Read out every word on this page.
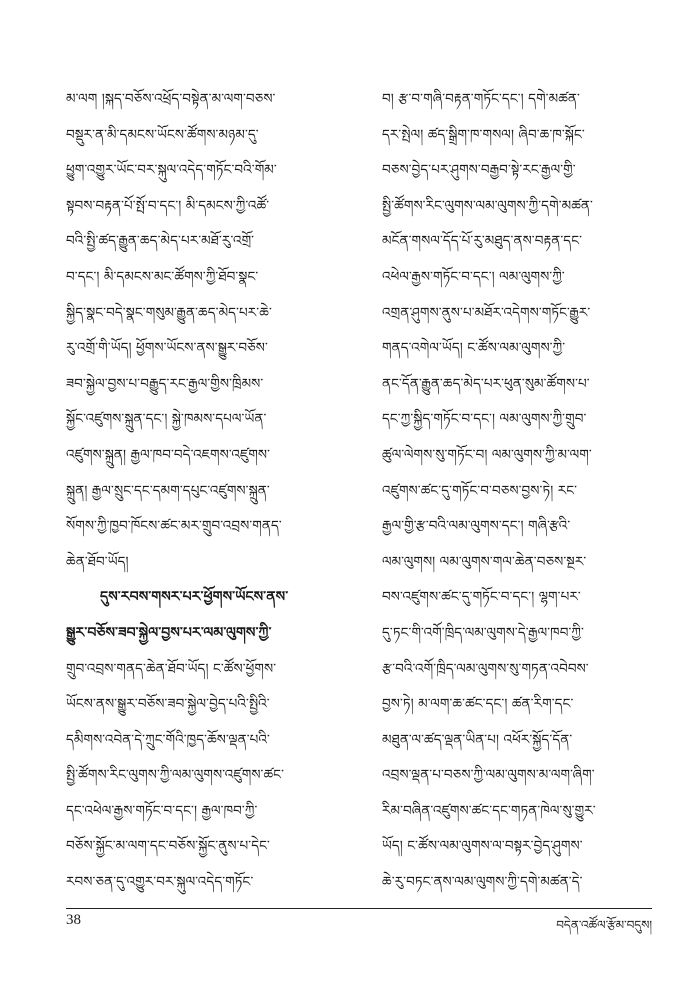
མ་ལག །སྐད་བཅོས་འཕྲོད་བསྟེན་མ་ལག་བཅས་
བསྡུར་ན་མི་དམངས་ཡོངས་ཚོགས་མཉམ་དུ་
ཕྱུག་འགྱུར་ཡོང་བར་སྐུལ་འདེད་གཏོང་བའི་གོམ་
སྟབས་བརྟན་པོ་སྤོ་བ་དང་། མི་དམངས་ཀྱི་འཚོ་
བའི་སྤྱི་ཚད་རྒྱུན་ཆད་མེད་པར་མཐོ་རུ་འགྲོ་
བ་དང་། མི་དམངས་མང་ཚོགས་ཀྱི་ཐོབ་སྣང་
སྐྱིད་སྣང་བདེ་སྣང་གསུམ་རྒྱུན་ཆད་མེད་པར་ཆེ་
རུ་འགྲོ་གི་ཡོད། ཕྱོགས་ཡོངས་ནས་སྒྱུར་བཅོས་
ཟབ་སྐྱེལ་བྱས་པ་བརྒྱུད་རང་རྒྱལ་གྱིས་ཁྲིམས་
སྐྱོང་འཛུགས་སྐྲུན་དང་། སྐྱེ་ཁམས་དཔལ་ཡོན་
འཛུགས་སྐྲུན། རྒྱལ་ཁབ་བདེ་འཇགས་འཛུགས་
སྐྲུན། རྒྱལ་སྲུང་དང་དམག་དཔུང་འཛུགས་སྐྲུན་
སོགས་ཀྱི་ཁྱབ་ཁོངས་ཚང་མར་གྲུབ་འབྲས་གནད་
ཆེན་ཐོབ་ཡོད།
དུས་རབས་གསར་པར་ཕྱོགས་ཡོངས་ནས་
སྒྱུར་བཅོས་ཟབ་སྐྱེལ་བྱས་པར་ལམ་ལུགས་ཀྱི་
གྲུབ་འབྲས་གནད་ཆེན་ཐོབ་ཡོད། ང་ཚོས་ཕྱོགས་
ཡོངས་ནས་སྒྱུར་བཅོས་ཟབ་སྐྱེལ་བྱེད་པའི་སྤྱིའི་
དམིགས་འབེན་དེ་ཀྲུང་གོའི་ཁྱད་ཆོས་ལྡན་པའི་
སྤྱི་ཚོགས་རིང་ལུགས་ཀྱི་ལམ་ལུགས་འཛུགས་ཚང་
དང་འཕེལ་རྒྱས་གཏོང་བ་དང་། རྒྱལ་ཁབ་ཀྱི་
བཅོས་སྐྱོང་མ་ལག་དང་བཅོས་སྐྱོང་ནུས་པ་དེང་
རབས་ཅན་དུ་འགྱུར་བར་སྐུལ་འདེད་གཏོང་
བ། རྩ་བ་གཞི་བརྟན་གཏོང་དང་། དགེ་མཚན་
དར་སྤེལ། ཚད་སྒྲིག་ཁ་གསལ། ཞིབ་ཆ་ཁ་སྐོང་
བཅས་བྱེད་པར་ཤུགས་བརྒྱབ་སྟེ་རང་རྒྱལ་གྱི་
སྤྱི་ཚོགས་རིང་ལུགས་ལམ་ལུགས་ཀྱི་དགེ་མཚན་
མངོན་གསལ་དོད་པོ་རུ་མཐུད་ནས་བརྟན་དང་
འཕེལ་རྒྱས་གཏོང་བ་དང་། ལམ་ལུགས་ཀྱི་
འགྲན་ཤུགས་ནུས་པ་མཐོར་འདེགས་གཏོང་རྒྱུར་
གནད་འགེལ་ཡོད། ང་ཚོས་ལམ་ལུགས་ཀྱི་
ནང་དོན་རྒྱུན་ཆད་མེད་པར་ཕུན་སུམ་ཚོགས་པ་
དང་ཀྱ་སྐྱིད་གཏོང་བ་དང་། ལམ་ལུགས་ཀྱི་གྲུབ་
ཚུལ་ལེགས་སུ་གཏོང་བ། ལམ་ལུགས་ཀྱི་མ་ལག་
འཛུགས་ཚང་དུ་གཏོང་བ་བཅས་བྱས་ཏེ། རང་
རྒྱལ་གྱི་རྩ་བའི་ལམ་ལུགས་དང་། གཞི་རྩའི་
ལམ་ལུགས། ལམ་ལུགས་གལ་ཆེན་བཅས་སྔར་
བས་འཛུགས་ཚང་དུ་གཏོང་བ་དང་། ལྷག་པར་
དུ་ཏང་གི་འགོ་ཁྲིད་ལམ་ལུགས་དེ་རྒྱལ་ཁབ་ཀྱི་
རྩ་བའི་འགོ་ཁྲིད་ལམ་ལུགས་སུ་གཏན་འབེབས་
བྱས་ཏེ། མ་ལག་ཆ་ཚང་དང་། ཚན་རིག་དང་
མཐུན་ལ་ཚད་ལྡན་ཡིན་པ། འཕོར་སྐྱོད་དོན་
འབྲས་ལྡན་པ་བཅས་ཀྱི་ལམ་ལུགས་མ་ལག་ཞིག་
རིམ་བཞིན་འཛུགས་ཚང་དང་གཏན་ཁེལ་སུ་གྱུར་
ཡོད། ང་ཚོས་ལམ་ལུགས་ལ་བསྟར་བྱེད་ཤུགས་
ཆེ་རུ་བཏང་ནས་ལམ་ལུགས་ཀྱི་དགེ་མཚན་དེ་
38	བདེན་འཚོལ་རྩོམ་བདུས།
